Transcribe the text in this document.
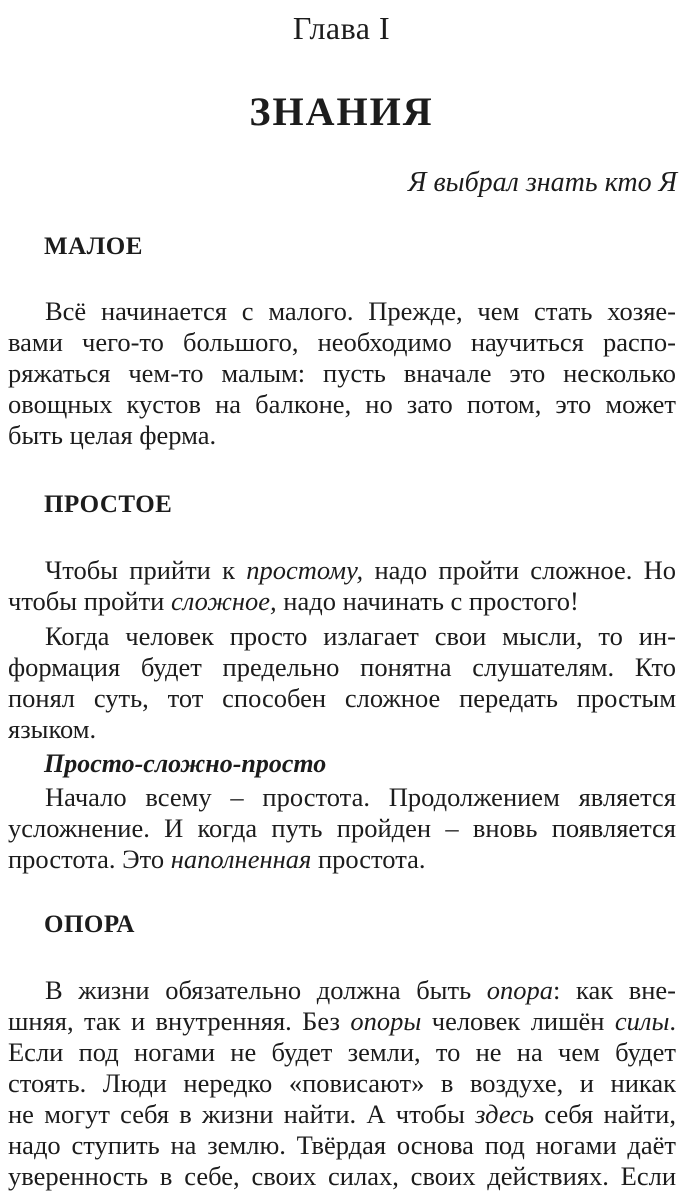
Глава I
ЗНАНИЯ
Я выбрал знать кто Я
МАЛОЕ
Всё начинается с малого. Прежде, чем стать хозяе-
вами чего-то большого, необходимо научиться распо-
ряжаться чем-то малым: пусть вначале это несколько
овощных кустов на балконе, но зато потом, это может
быть целая ферма.
ПРОСТОЕ
Чтобы прийти к простому, надо пройти сложное. Но
чтобы пройти сложное, надо начинать с простого!
Когда человек просто излагает свои мысли, то ин-
формация будет предельно понятна слушателям. Кто
понял суть, тот способен сложное передать простым
языком.
Просто-сложно-просто
Начало всему – простота. Продолжением является
усложнение. И когда путь пройден – вновь появляется
простота. Это наполненная простота.
ОПОРА
В жизни обязательно должна быть опора: как вне-
шняя, так и внутренняя. Без опоры человек лишён силы.
Если под ногами не будет земли, то не на чем будет
стоять. Люди нередко «повисают» в воздухе, и никак
не могут себя в жизни найти. А чтобы здесь себя найти,
надо ступить на землю. Твёрдая основа под ногами даёт
уверенность в себе, своих силах, своих действиях. Если
